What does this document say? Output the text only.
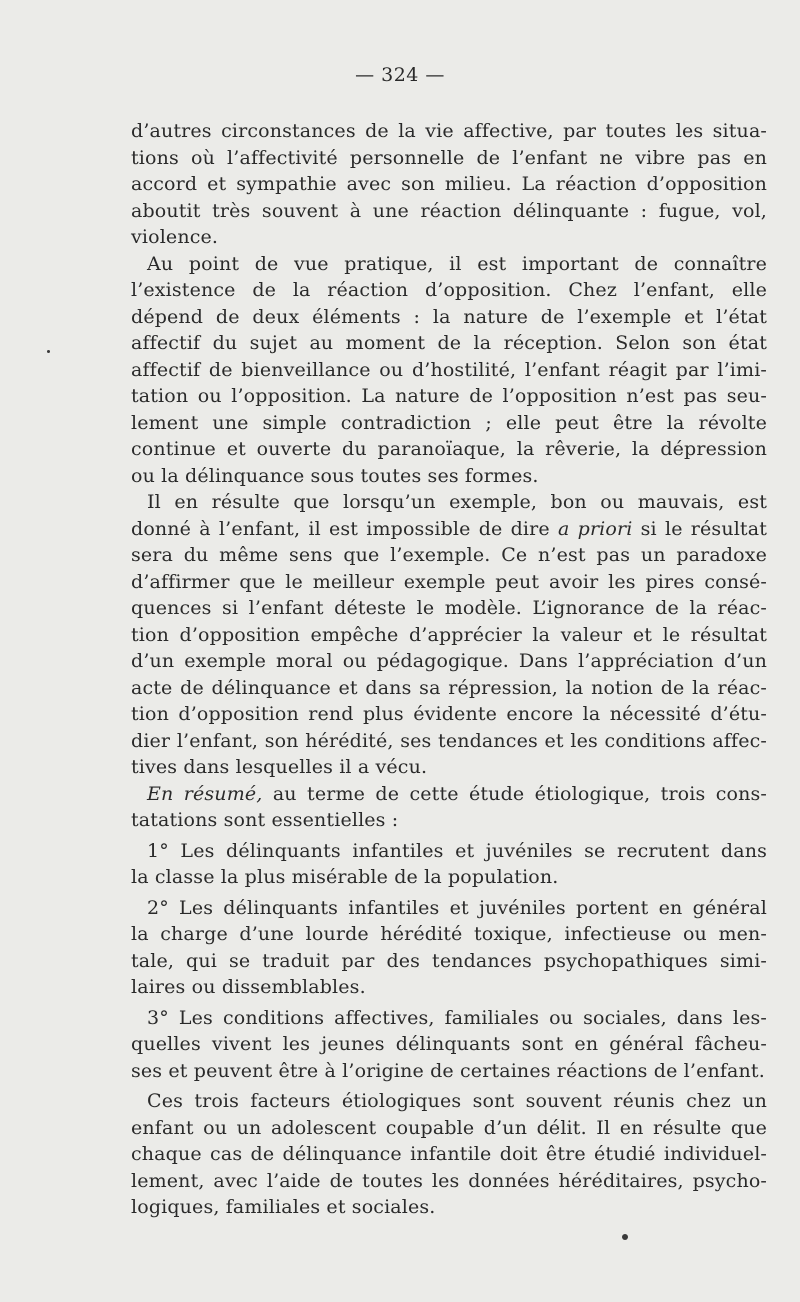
— 324 —
d’autres circonstances de la vie affective, par toutes les situa-
tions où l’affectivité personnelle de l’enfant ne vibre pas en
accord et sympathie avec son milieu. La réaction d’opposition
aboutit très souvent à une réaction délinquante : fugue, vol,
violence.
Au point de vue pratique, il est important de connaître
l’existence de la réaction d’opposition. Chez l’enfant, elle
dépend de deux éléments : la nature de l’exemple et l’état
affectif du sujet au moment de la réception. Selon son état
affectif de bienveillance ou d’hostilité, l’enfant réagit par l’imi-
tation ou l’opposition. La nature de l’opposition n’est pas seu-
lement une simple contradiction ; elle peut être la révolte
continue et ouverte du paranoïaque, la rêverie, la dépression
ou la délinquance sous toutes ses formes.
Il en résulte que lorsqu’un exemple, bon ou mauvais, est
donné à l’enfant, il est impossible de dire a priori si le résultat
sera du même sens que l’exemple. Ce n’est pas un paradoxe
d’affirmer que le meilleur exemple peut avoir les pires consé-
quences si l’enfant déteste le modèle. L’ignorance de la réac-
tion d’opposition empêche d’apprécier la valeur et le résultat
d’un exemple moral ou pédagogique. Dans l’appréciation d’un
acte de délinquance et dans sa répression, la notion de la réac-
tion d’opposition rend plus évidente encore la nécessité d’étu-
dier l’enfant, son hérédité, ses tendances et les conditions affec-
tives dans lesquelles il a vécu.
En résumé, au terme de cette étude étiologique, trois cons-
tatations sont essentielles :
1° Les délinquants infantiles et juvéniles se recrutent dans
la classe la plus misérable de la population.
2° Les délinquants infantiles et juvéniles portent en général
la charge d’une lourde hérédité toxique, infectieuse ou men-
tale, qui se traduit par des tendances psychopathiques simi-
laires ou dissemblables.
3° Les conditions affectives, familiales ou sociales, dans les-
quelles vivent les jeunes délinquants sont en général fâcheu-
ses et peuvent être à l’origine de certaines réactions de l’enfant.
Ces trois facteurs étiologiques sont souvent réunis chez un
enfant ou un adolescent coupable d’un délit. Il en résulte que
chaque cas de délinquance infantile doit être étudié individuel-
lement, avec l’aide de toutes les données héréditaires, psycho-
logiques, familiales et sociales.
